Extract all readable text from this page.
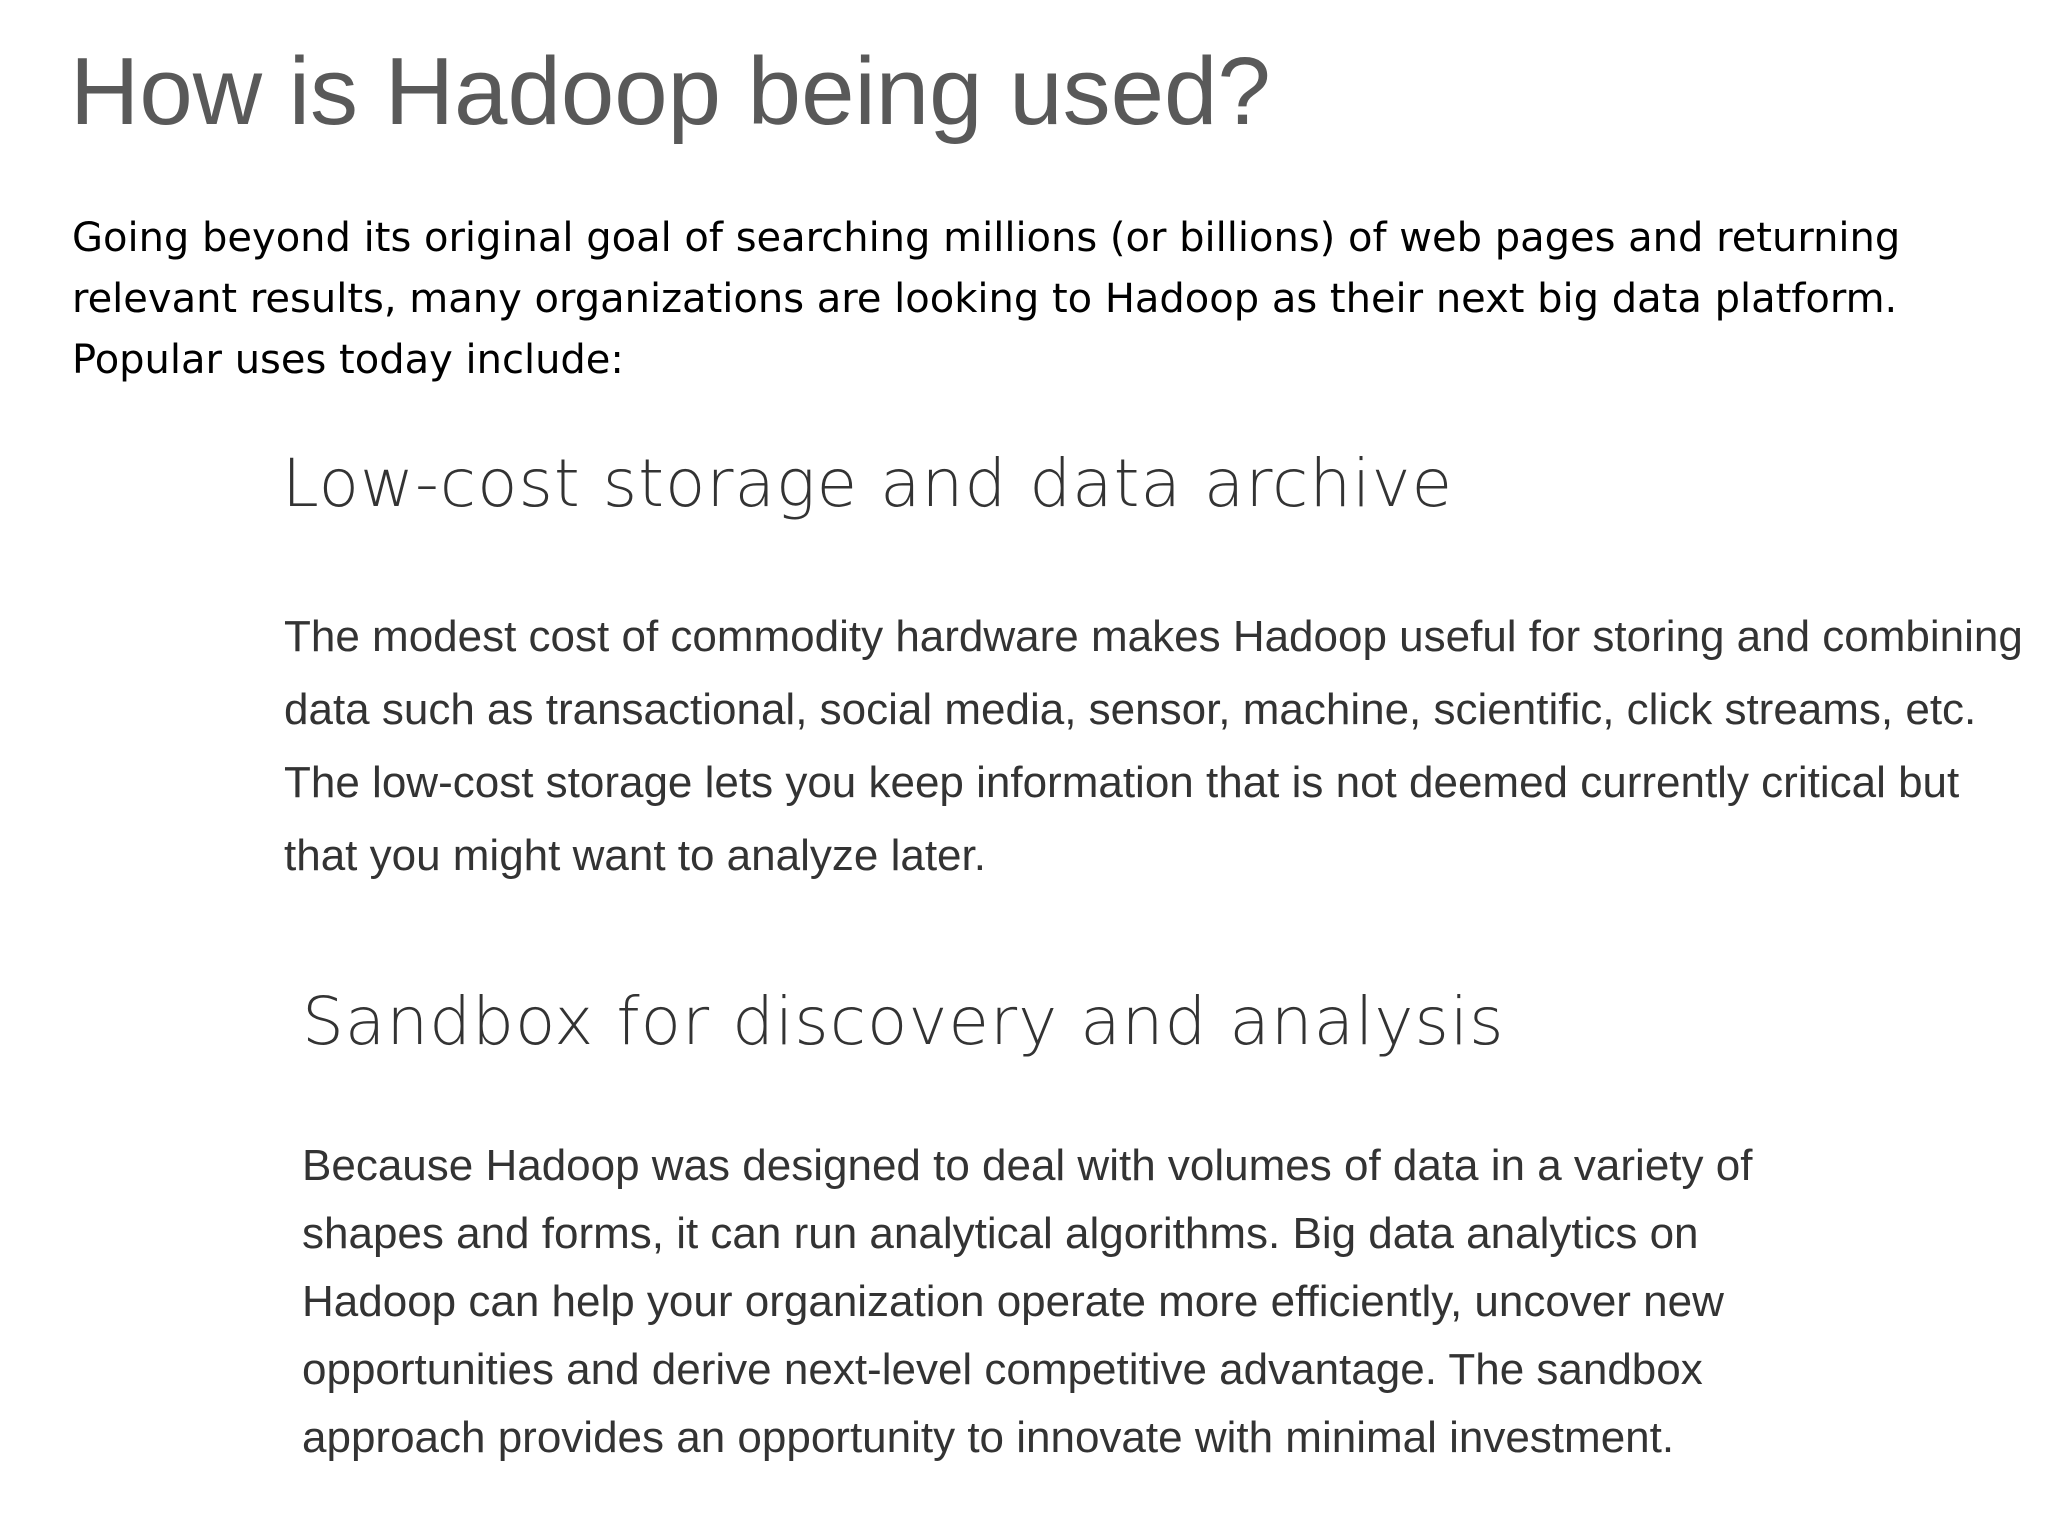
How is Hadoop being used?

Going beyond its original goal of searching millions (or billions) of web pages and returning relevant results, many organizations are looking to Hadoop as their next big data platform. Popular uses today include:

Low-cost storage and data archive

The modest cost of commodity hardware makes Hadoop useful for storing and combining data such as transactional, social media, sensor, machine, scientific, click streams, etc. The low-cost storage lets you keep information that is not deemed currently critical but that you might want to analyze later.

Sandbox for discovery and analysis

Because Hadoop was designed to deal with volumes of data in a variety of shapes and forms, it can run analytical algorithms. Big data analytics on Hadoop can help your organization operate more efficiently, uncover new opportunities and derive next-level competitive advantage. The sandbox approach provides an opportunity to innovate with minimal investment.
